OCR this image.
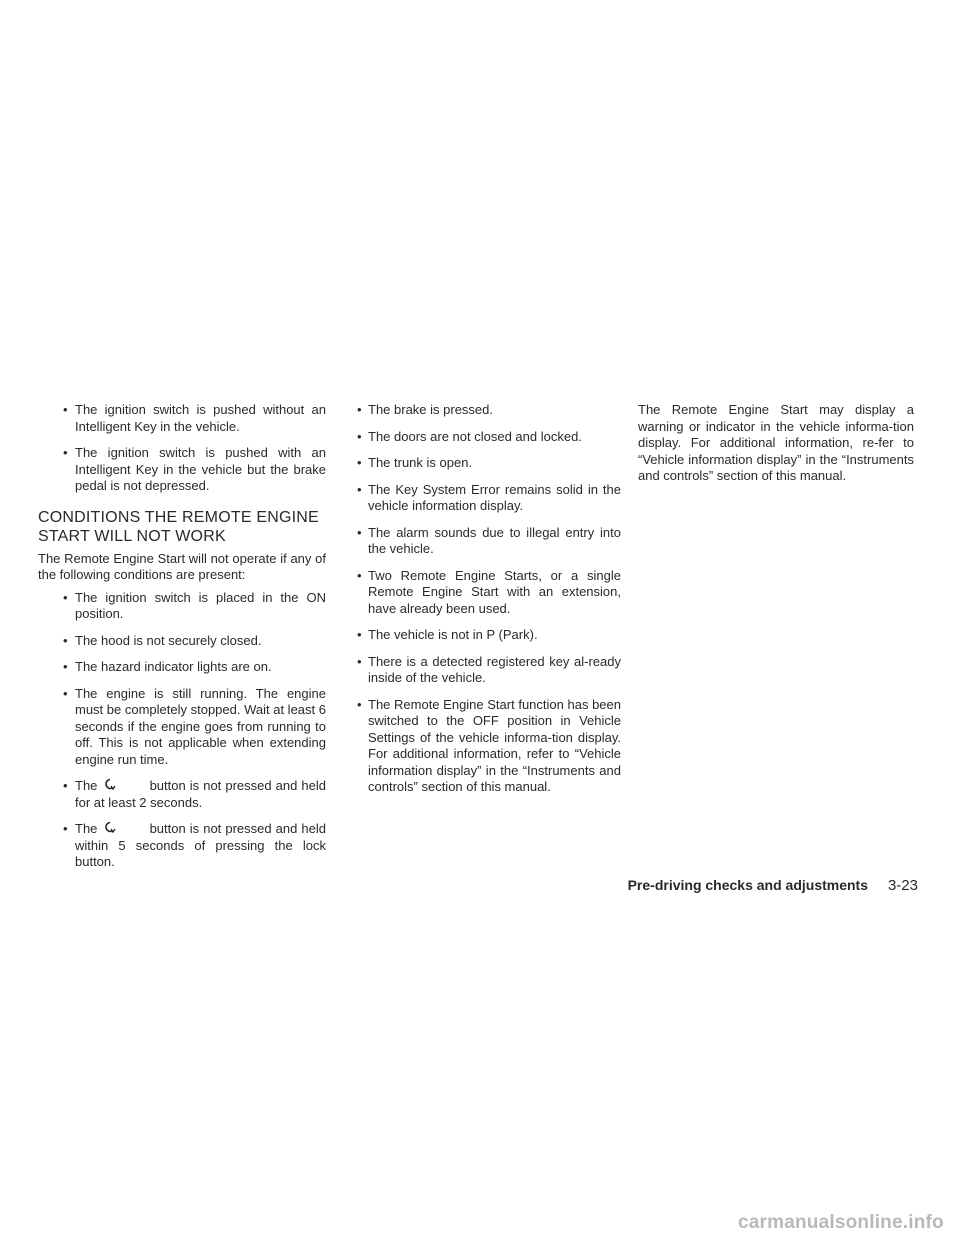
• The ignition switch is pushed without an Intelligent Key in the vehicle.
• The ignition switch is pushed with an Intelligent Key in the vehicle but the brake pedal is not depressed.
CONDITIONS THE REMOTE ENGINE
START WILL NOT WORK

The Remote Engine Start will not operate if any of the following conditions are present:

• The ignition switch is placed in the ON position.
• The hood is not securely closed.
• The hazard indicator lights are on.
• The engine is still running. The engine must be completely stopped. Wait at least 6 seconds if the engine goes from running to off. This is not applicable when extending engine run time.
• The	button is not pressed and held for at least 2 seconds.
• The	button is not pressed and held within 5 seconds of pressing the lock button.
• The brake is pressed.
• The doors are not closed and locked.
• The trunk is open.
• The Key System Error remains solid in the vehicle information display.
• The alarm sounds due to illegal entry into the vehicle.
• Two Remote Engine Starts, or a single Remote Engine Start with an extension, have already been used.
• The vehicle is not in P (Park).
• There is a detected registered key al-ready inside of the vehicle.
• The Remote Engine Start function has been switched to the OFF position in Vehicle Settings of the vehicle informa-tion display. For additional information, refer to “Vehicle information display” in the “Instruments and controls” section of this manual.

The Remote Engine Start may display a warning or indicator in the vehicle informa-tion display. For additional information, re-fer to “Vehicle information display” in the “Instruments and controls” section of this manual.

Pre-driving checks and adjustments 3-23
carmanualsonline.info
